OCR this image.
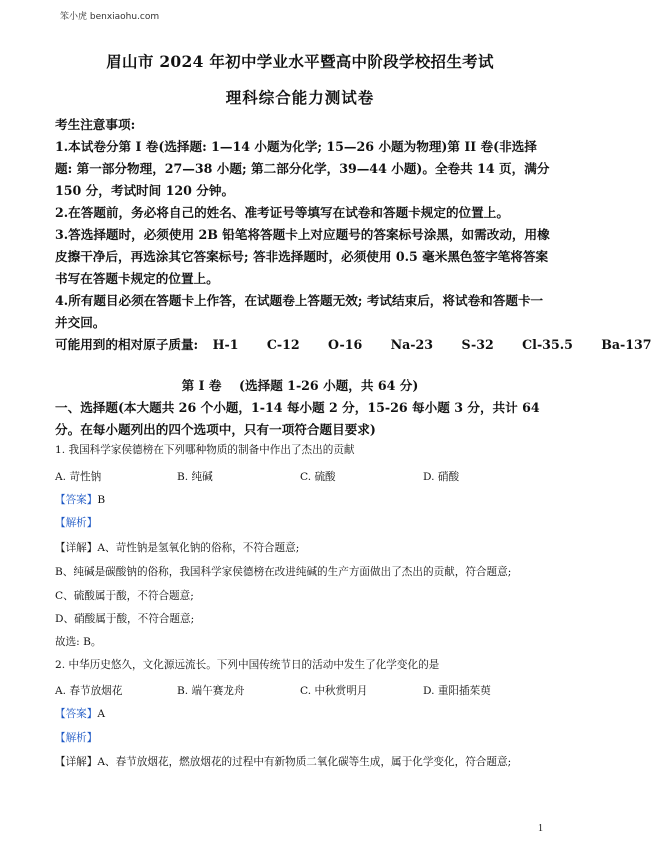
笨小虎 benxiaohu.com
眉山市 2024 年初中学业水平暨高中阶段学校招生考试
理科综合能力测试卷

考生注意事项:

1.本试卷分第 I 卷(选择题: 1—14 小题为化学; 15—26 小题为物理)第 II 卷(非选择题: 第一部分物理，27—38 小题; 第二部分化学，39—44 小题)。全卷共 14 页，满分 150 分，考试时间 120 分钟。

2.在答题前，务必将自己的姓名、准考证号等填写在试卷和答题卡规定的位置上。

3.答选择题时，必须使用 2B 铅笔将答题卡上对应题号的答案标号涂黑，如需改动，用橡皮擦干净后，再选涂其它答案标号; 答非选择题时，必须使用 0.5 毫米黑色签字笔将答案书写在答题卡规定的位置上。

4.所有题目必须在答题卡上作答，在试题卷上答题无效; 考试结束后，将试卷和答题卡一并交回。

可能用到的相对原子质量: H-1 C-12 O-16 Na-23 S-32 Cl-35.5 Ba-137

第 I 卷    (选择题 1-26 小题，共 64 分)
一、选择题(本大题共 26 个小题，1-14 每小题 2 分，15-26 每小题 3 分，共计 64 分。在每小题列出的四个选项中，只有一项符合题目要求)
1. 我国科学家侯德榜在下列哪种物质的制备中作出了杰出的贡献
A. 苛性钠	B. 纯碱	C. 硫酸	D. 硝酸
【答案】B
【解析】
【详解】A、苛性钠是氢氧化钠的俗称，不符合题意;
B、纯碱是碳酸钠的俗称，我国科学家侯德榜在改进纯碱的生产方面做出了杰出的贡献，符合题意;
C、硫酸属于酸，不符合题意;
D、硝酸属于酸，不符合题意;
故选: B。
2. 中华历史悠久，文化源远流长。下列中国传统节日的活动中发生了化学变化的是
A. 春节放烟花	B. 端午赛龙舟	C. 中秋赏明月	D. 重阳插茱萸
【答案】A
【解析】
【详解】A、春节放烟花，燃放烟花的过程中有新物质二氧化碳等生成，属于化学变化，符合题意;
1
